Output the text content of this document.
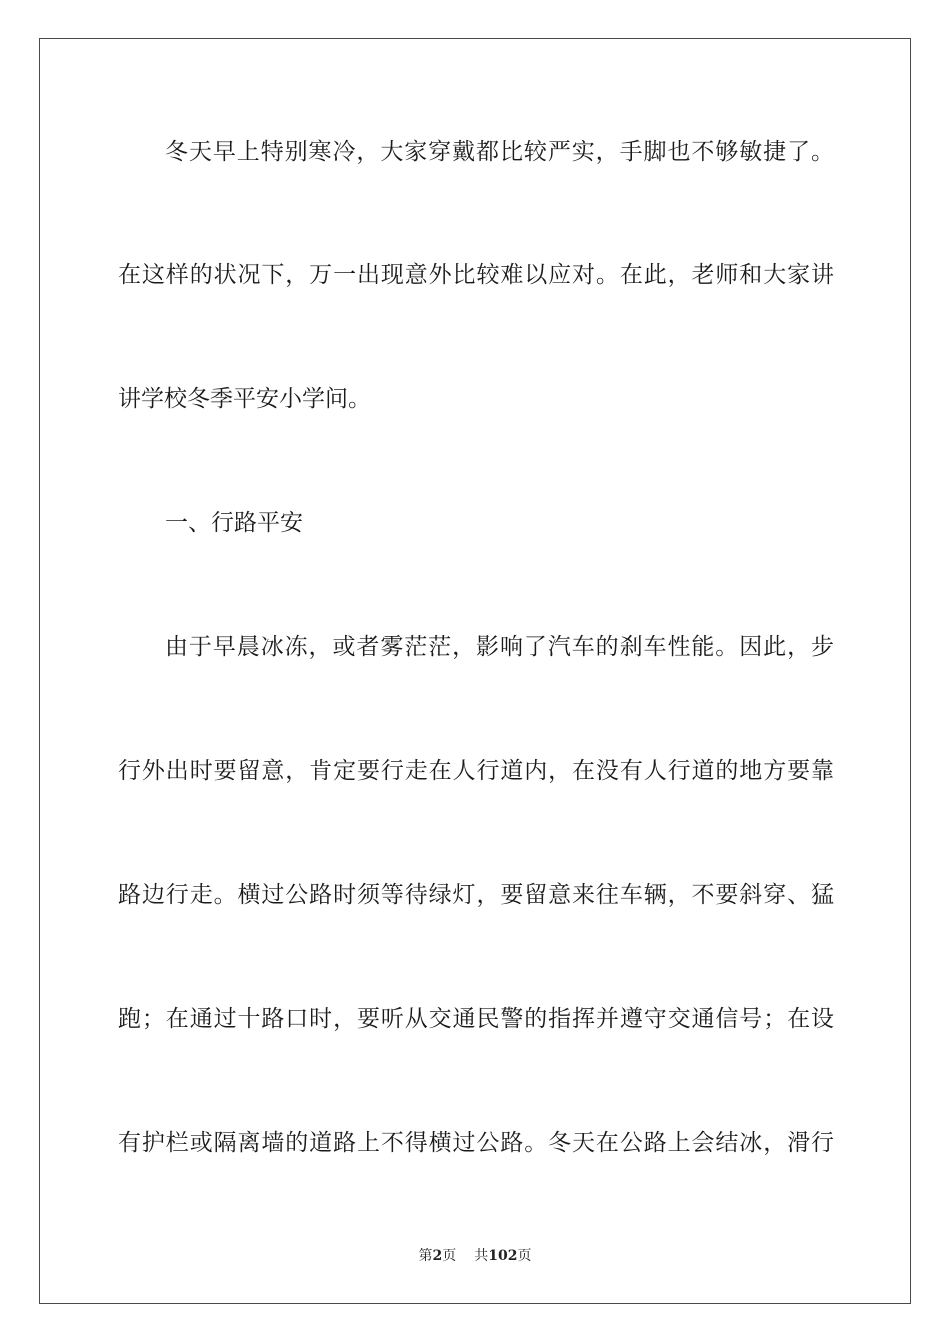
冬天早上特别寒冷，大家穿戴都比较严实，手脚也不够敏捷了。
在这样的状况下，万一出现意外比较难以应对。在此，老师和大家讲
讲学校冬季平安小学问。
一、行路平安
由于早晨冰冻，或者雾茫茫，影响了汽车的刹车性能。因此，步
行外出时要留意，肯定要行走在人行道内，在没有人行道的地方要靠
路边行走。横过公路时须等待绿灯，要留意来往车辆，不要斜穿、猛
跑；在通过十路口时，要听从交通民警的指挥并遵守交通信号；在设
有护栏或隔离墙的道路上不得横过公路。冬天在公路上会结冰，滑行
第2页 共102页
